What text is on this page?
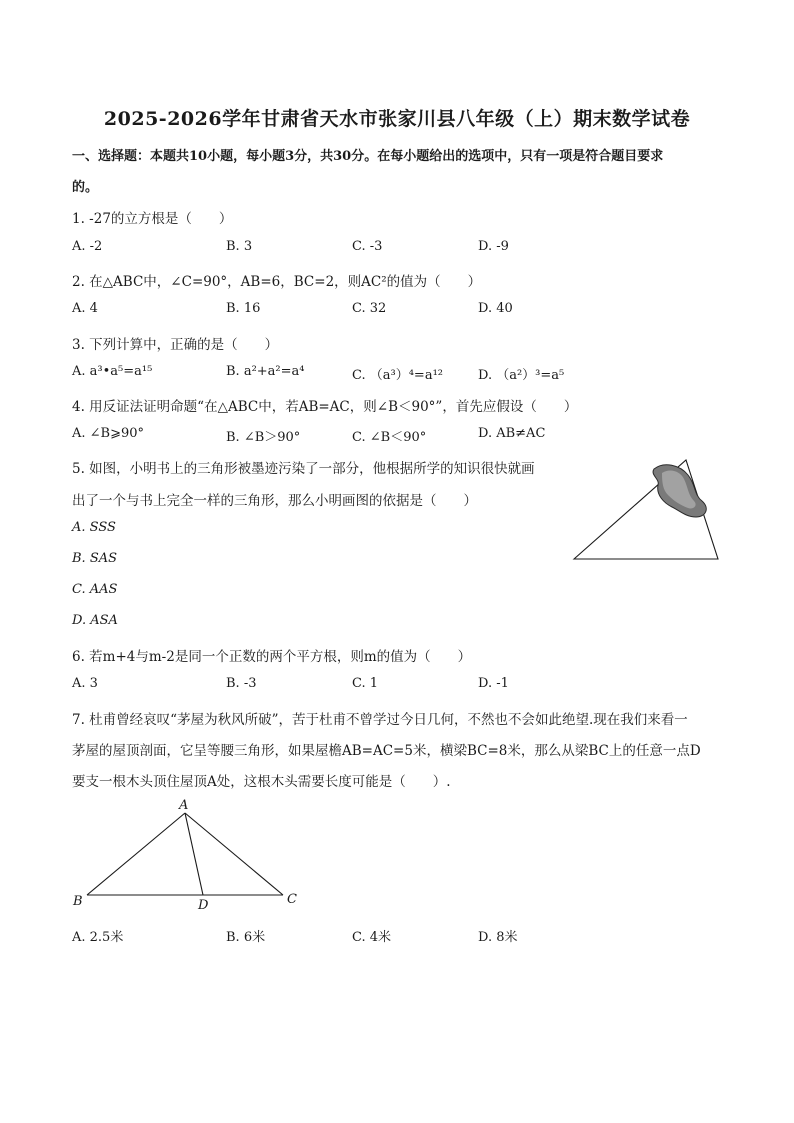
2025-2026学年甘肃省天水市张家川县八年级（上）期末数学试卷
一、选择题：本题共10小题，每小题3分，共30分。在每小题给出的选项中，只有一项是符合题目要求
的。
1. -27的立方根是（　　）
A. -2	B. 3	C. -3	D. -9
2. 在△ABC中，∠C=90°，AB=6，BC=2，则AC²的值为（　　）
A. 4	B. 16	C. 32	D. 40
3. 下列计算中，正确的是（　　）
A. a³•a⁵=a¹⁵	B. a²+a²=a⁴	C. （a³）⁴=a¹²	D. （a²）³=a⁵
4. 用反证法证明命题“在△ABC中，若AB=AC，则∠B＜90°”，首先应假设（　　）
A. ∠B⩾90°	B. ∠B＞90°	C. ∠B＜90°	D. AB≠AC
5. 如图，小明书上的三角形被墨迹污染了一部分，他根据所学的知识很快就画
出了一个与书上完全一样的三角形，那么小明画图的依据是（　　）
A. SSS
B. SAS
C. AAS
D. ASA
6. 若m+4与m-2是同一个正数的两个平方根，则m的值为（　　）
A. 3	B. -3	C. 1	D. -1
7. 杜甫曾经哀叹“茅屋为秋风所破”，苦于杜甫不曾学过今日几何，不然也不会如此绝望.现在我们来看一
茅屋的屋顶剖面，它呈等腰三角形，如果屋檐AB=AC=5米，横梁BC=8米，那么从梁BC上的任意一点D
要支一根木头顶住屋顶A处，这根木头需要长度可能是（　　）.
A
B	D	C
A. 2.5米	B. 6米	C. 4米	D. 8米
